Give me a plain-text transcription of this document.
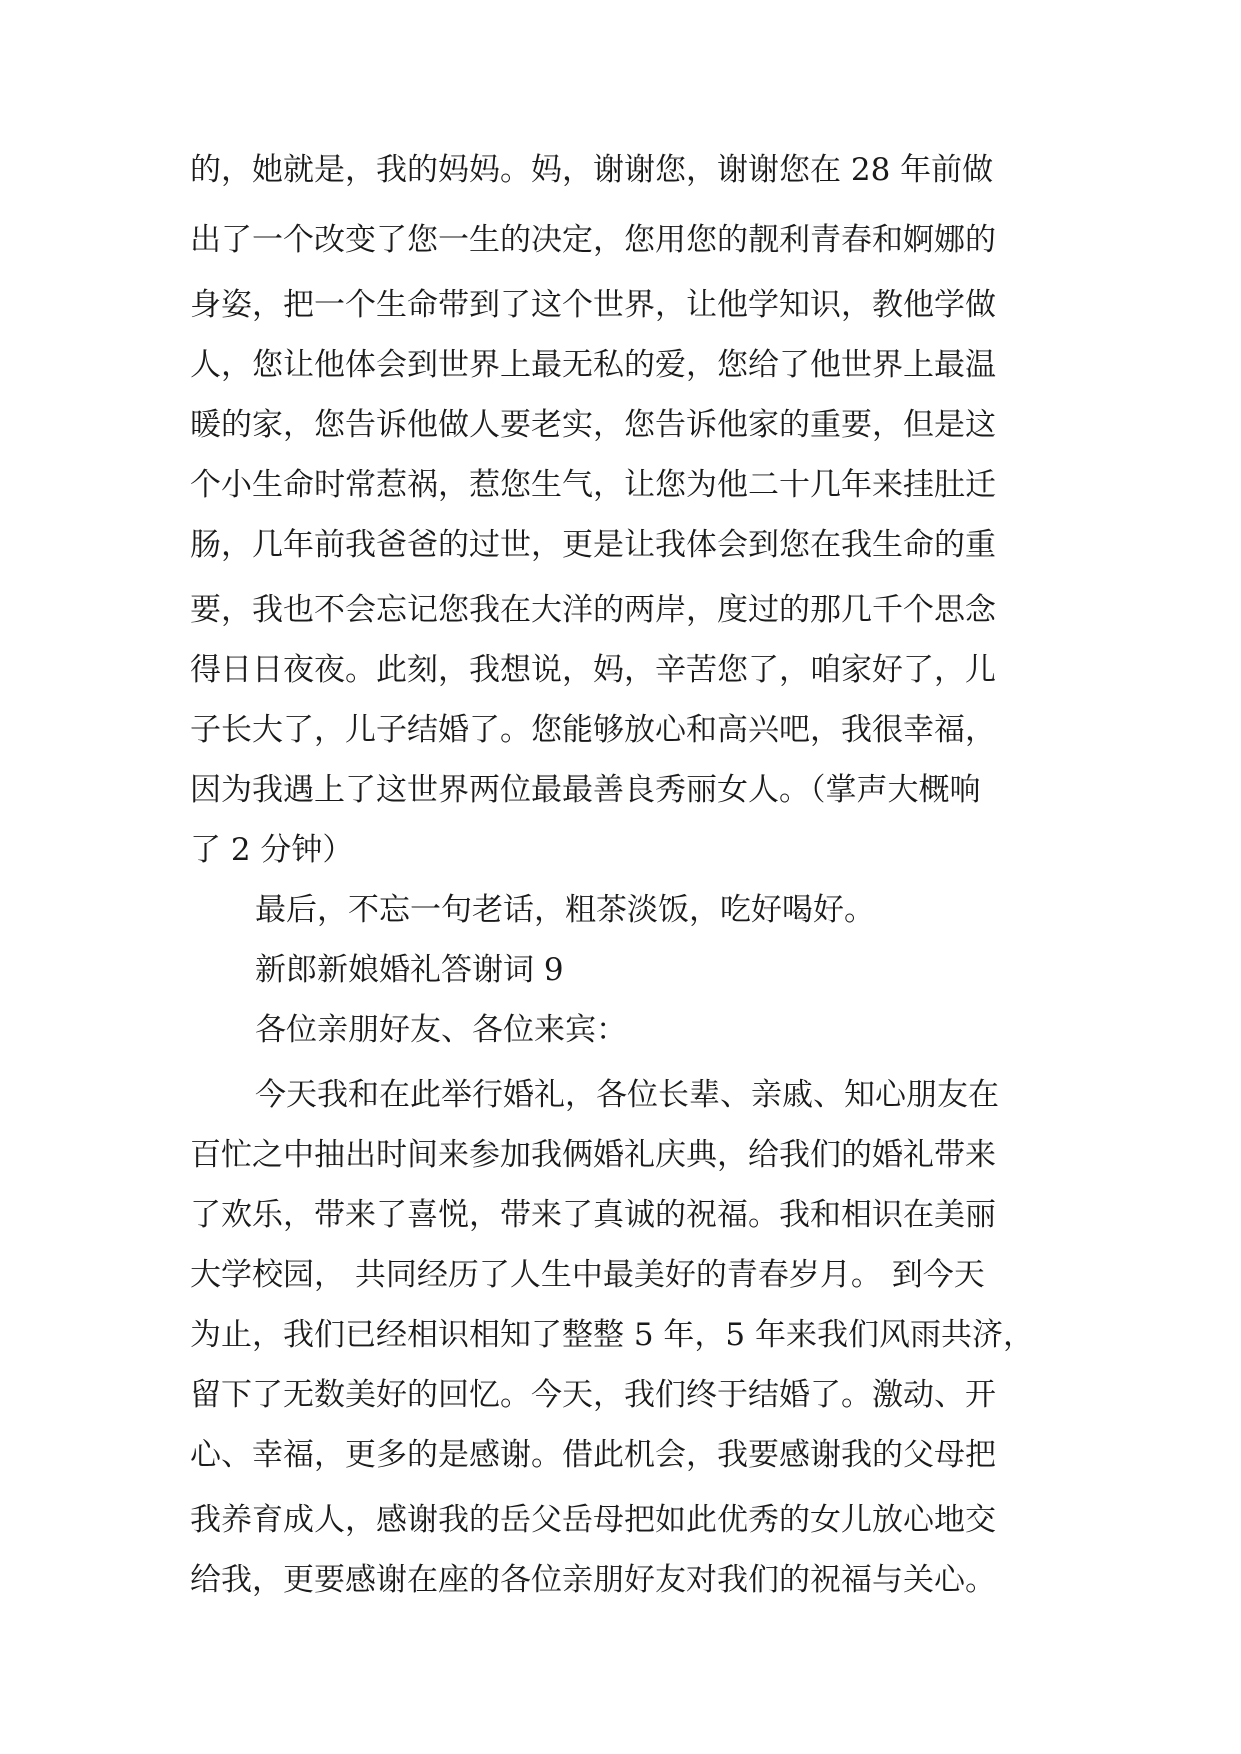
的，她就是，我的妈妈。妈，谢谢您，谢谢您在 28 年前做
出了一个改变了您一生的决定，您用您的靓利青春和婀娜的
身姿，把一个生命带到了这个世界，让他学知识，教他学做
人，您让他体会到世界上最无私的爱，您给了他世界上最温
暖的家，您告诉他做人要老实，您告诉他家的重要，但是这
个小生命时常惹祸，惹您生气，让您为他二十几年来挂肚迁
肠，几年前我爸爸的过世，更是让我体会到您在我生命的重
要，我也不会忘记您我在大洋的两岸，度过的那几千个思念
得日日夜夜。此刻，我想说，妈，辛苦您了，咱家好了，儿
子长大了，儿子结婚了。您能够放心和高兴吧，我很幸福，
因为我遇上了这世界两位最最善良秀丽女人。（掌声大概响
了 2 分钟）
最后，不忘一句老话，粗茶淡饭，吃好喝好。
新郎新娘婚礼答谢词 9
各位亲朋好友、各位来宾：
今天我和在此举行婚礼，各位长辈、亲戚、知心朋友在
百忙之中抽出时间来参加我俩婚礼庆典，给我们的婚礼带来
了欢乐，带来了喜悦，带来了真诚的祝福。我和相识在美丽
大学校园， 共同经历了人生中最美好的青春岁月。 到今天
为止，我们已经相识相知了整整 5 年，5 年来我们风雨共济，
留下了无数美好的回忆。今天，我们终于结婚了。激动、开
心、幸福，更多的是感谢。借此机会，我要感谢我的父母把
我养育成人，感谢我的岳父岳母把如此优秀的女儿放心地交
给我，更要感谢在座的各位亲朋好友对我们的祝福与关心。
